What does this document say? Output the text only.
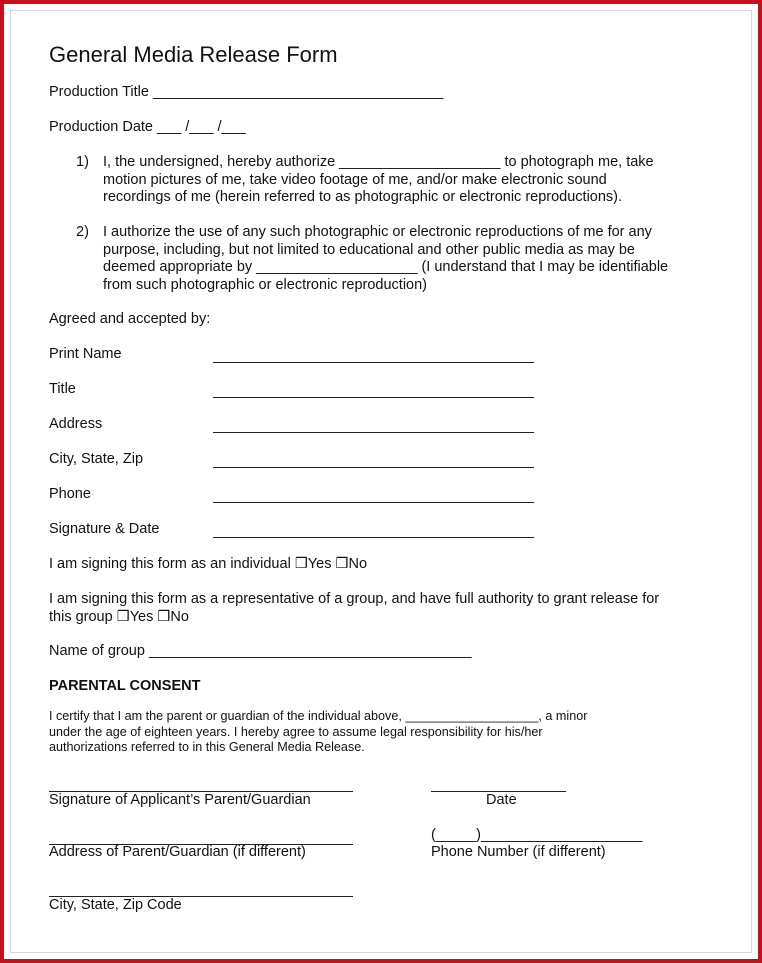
General Media Release Form

Production Title ____________________________________

Production Date ___ /___ /___

1) I, the undersigned, hereby authorize ____________________ to photograph me, take

motion pictures of me, take video footage of me, and/or make electronic sound

recordings of me (herein referred to as photographic or electronic reproductions).

2) I authorize the use of any such photographic or electronic reproductions of me for any

purpose, including, but not limited to educational and other public media as may be

deemed appropriate by ____________________ (I understand that I may be identifiable

from such photographic or electronic reproduction)

Agreed and accepted by:

Print Name

Title

Address

City, State, Zip

Phone

Signature & Date

I am signing this form as an individual ❒Yes ❒No

I am signing this form as a representative of a group, and have full authority to grant release for

this group ❒Yes ❒No

Name of group ________________________________________

PARENTAL CONSENT

I certify that I am the parent or guardian of the individual above, ___________________, a minor

under the age of eighteen years. I hereby agree to assume legal responsibility for his/her

authorizations referred to in this General Media Release.

Signature of Applicant’s Parent/Guardian	Date

(_____)____________________

Address of Parent/Guardian (if different)	Phone Number (if different)

City, State, Zip Code
